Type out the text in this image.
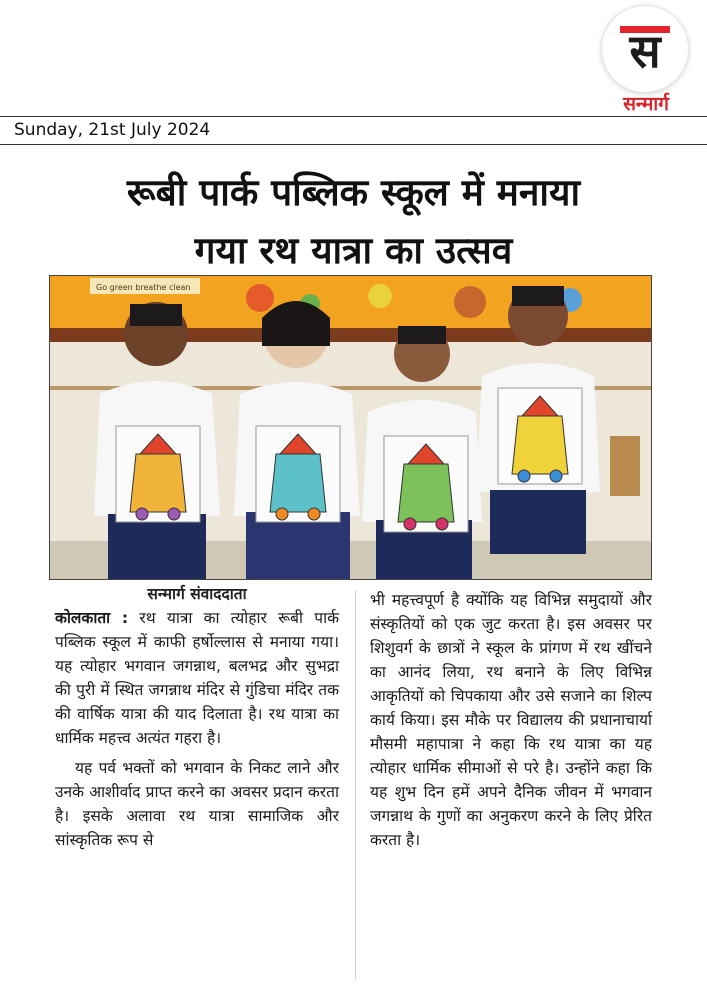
स
सन्मार्ग
Sunday, 21st July 2024
रूबी पार्क पब्लिक स्कूल में मनाया
गया रथ यात्रा का उत्सव
Go green breathe clean

सन्मार्ग संवाददाता

कोलकाता : रथ यात्रा का त्योहार रूबी पार्क पब्लिक स्कूल में काफी हर्षोल्लास से मनाया गया। यह त्योहार भगवान जगन्नाथ, बलभद्र और सुभद्रा की पुरी में स्थित जगन्नाथ मंदिर से गुंडिचा मंदिर तक की वार्षिक यात्रा की याद दिलाता है। रथ यात्रा का धार्मिक महत्त्व अत्यंत गहरा है।

यह पर्व भक्तों को भगवान के निकट लाने और उनके आशीर्वाद प्राप्त करने का अवसर प्रदान करता है। इसके अलावा रथ यात्रा सामाजिक और सांस्कृतिक रूप से

भी महत्त्वपूर्ण है क्योंकि यह विभिन्न समुदायों और संस्कृतियों को एक जुट करता है। इस अवसर पर शिशुवर्ग के छात्रों ने स्कूल के प्रांगण में रथ खींचने का आनंद लिया, रथ बनाने के लिए विभिन्न आकृतियों को चिपकाया और उसे सजाने का शिल्प कार्य किया। इस मौके पर विद्यालय की प्रधानाचार्या मौसमी महापात्रा ने कहा कि रथ यात्रा का यह त्योहार धार्मिक सीमाओं से परे है। उन्होंने कहा कि यह शुभ दिन हमें अपने दैनिक जीवन में भगवान जगन्नाथ के गुणों का अनुकरण करने के लिए प्रेरित करता है।
